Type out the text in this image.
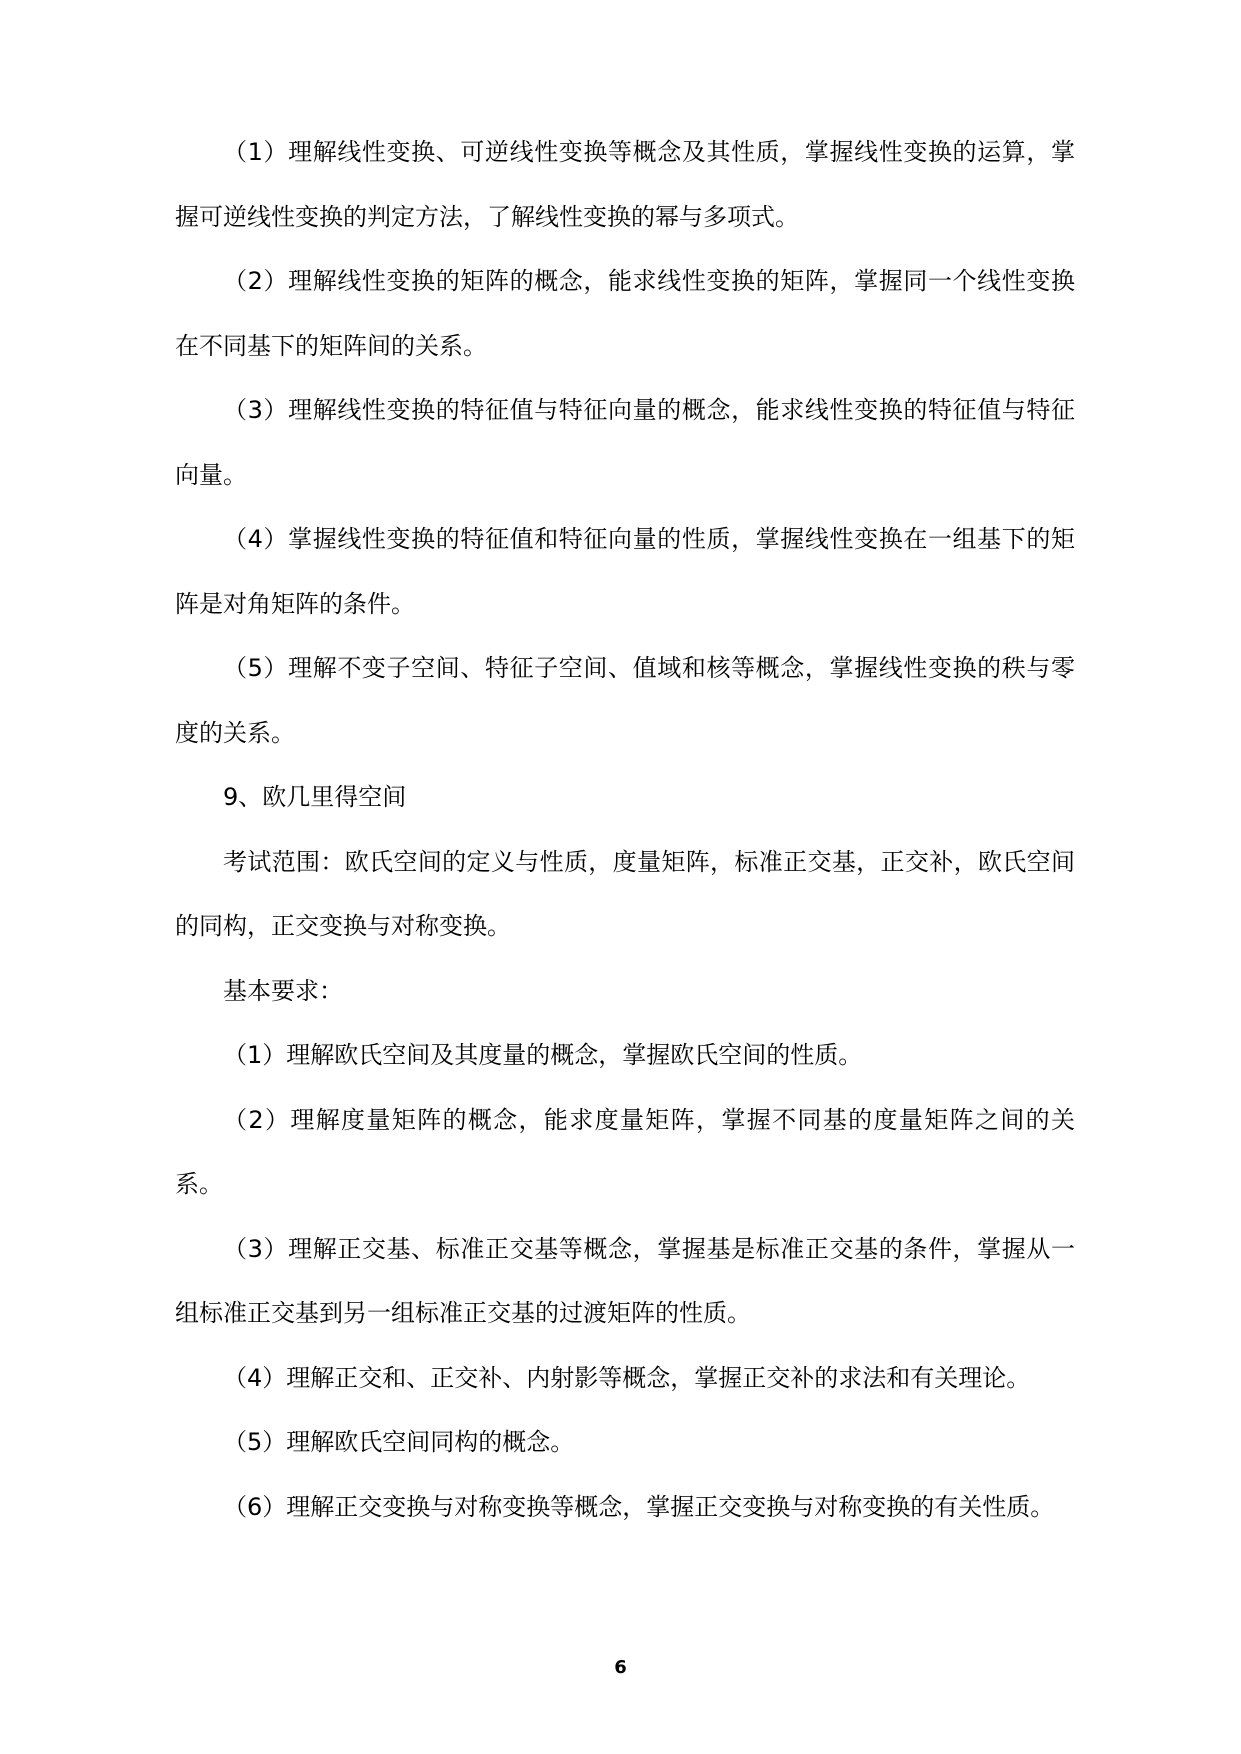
（1）理解线性变换、可逆线性变换等概念及其性质，掌握线性变换的运算，掌握可逆线性变换的判定方法，了解线性变换的幂与多项式。

（2）理解线性变换的矩阵的概念，能求线性变换的矩阵，掌握同一个线性变换在不同基下的矩阵间的关系。

（3）理解线性变换的特征值与特征向量的概念，能求线性变换的特征值与特征向量。

（4）掌握线性变换的特征值和特征向量的性质，掌握线性变换在一组基下的矩阵是对角矩阵的条件。

（5）理解不变子空间、特征子空间、值域和核等概念，掌握线性变换的秩与零度的关系。

9、欧几里得空间

考试范围：欧氏空间的定义与性质，度量矩阵，标准正交基，正交补，欧氏空间的同构，正交变换与对称变换。

基本要求：

（1）理解欧氏空间及其度量的概念，掌握欧氏空间的性质。

（2）理解度量矩阵的概念，能求度量矩阵，掌握不同基的度量矩阵之间的关系。

（3）理解正交基、标准正交基等概念，掌握基是标准正交基的条件，掌握从一组标准正交基到另一组标准正交基的过渡矩阵的性质。

（4）理解正交和、正交补、内射影等概念，掌握正交补的求法和有关理论。

（5）理解欧氏空间同构的概念。

（6）理解正交变换与对称变换等概念，掌握正交变换与对称变换的有关性质。

6
